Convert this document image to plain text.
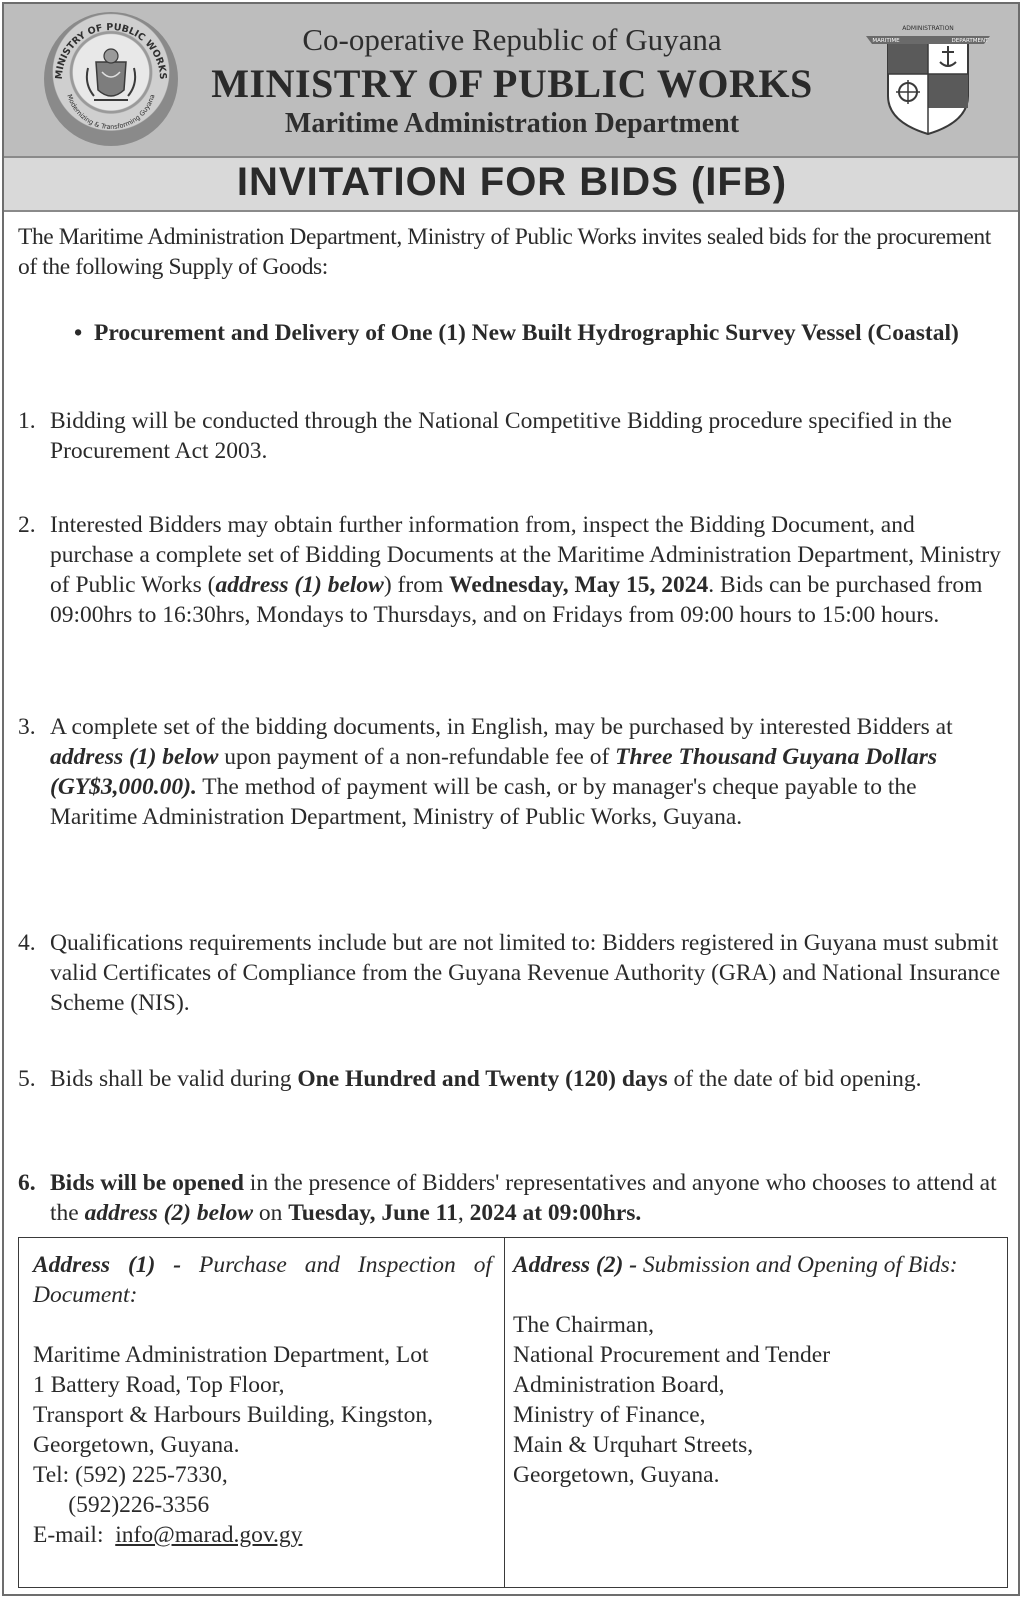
MINISTRY OF PUBLIC WORKS
Modernizing & Transforming Guyana
ADMINISTRATION
MARITIME	DEPARTMENT
Co-operative Republic of Guyana
MINISTRY OF PUBLIC WORKS
Maritime Administration Department
INVITATION FOR BIDS (IFB)

The Maritime Administration Department, Ministry of Public Works invites sealed bids for the procurement of the following Supply of Goods:

• Procurement and Delivery of One (1) New Built Hydrographic Survey Vessel (Coastal)
1. Bidding will be conducted through the National Competitive Bidding procedure specified in the Procurement Act 2003.
2. Interested Bidders may obtain further information from, inspect the Bidding Document, and purchase a complete set of Bidding Documents at the Maritime Administration Department, Ministry of Public Works (address (1) below) from Wednesday, May 15, 2024. Bids can be purchased from 09:00hrs to 16:30hrs, Mondays to Thursdays, and on Fridays from 09:00 hours to 15:00 hours.
3. A complete set of the bidding documents, in English, may be purchased by interested Bidders at address (1) below upon payment of a non-refundable fee of Three Thousand Guyana Dollars (GY$3,000.00). The method of payment will be cash, or by manager's cheque payable to the Maritime Administration Department, Ministry of Public Works, Guyana.
4. Qualifications requirements include but are not limited to: Bidders registered in Guyana must submit valid Certificates of Compliance from the Guyana Revenue Authority (GRA) and National Insurance Scheme (NIS).
5. Bids shall be valid during One Hundred and Twenty (120) days of the date of bid opening.
6. Bids will be opened in the presence of Bidders' representatives and anyone who chooses to attend at the address (2) below on Tuesday, June 11, 2024 at 09:00hrs.
Address (1) - Purchase and Inspection of Document:
Maritime Administration Department, Lot
1 Battery Road, Top Floor,
Transport & Harbours Building, Kingston,
Georgetown, Guyana.
Tel: (592) 225-7330,
(592)226-3356
E-mail:  info@marad.gov.gy
Address (2) - Submission and Opening of Bids:
The Chairman,
National Procurement and Tender
Administration Board,
Ministry of Finance,
Main & Urquhart Streets,
Georgetown, Guyana.
